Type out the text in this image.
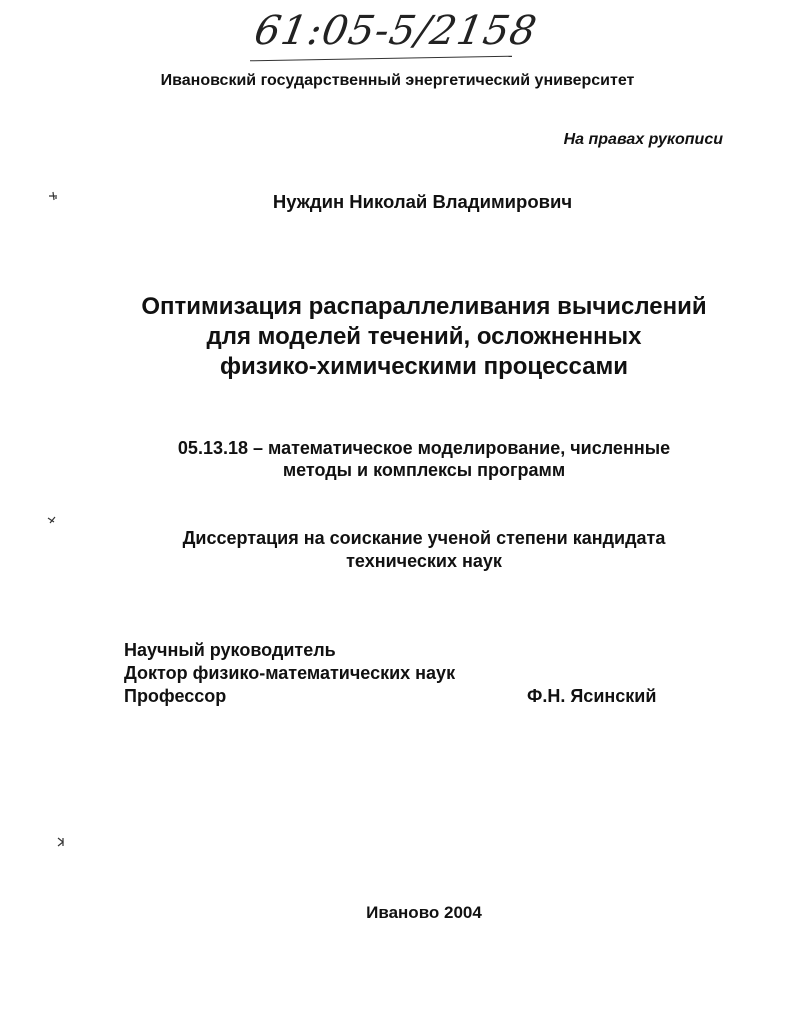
61:05-5/2158
Ивановский государственный энергетический университет
На правах рукописи
Нуждин Николай Владимирович
Оптимизация распараллеливания вычислений
для моделей течений, осложненных
физико-химическими процессами
05.13.18 – математическое моделирование, численные
методы и комплексы программ
Диссертация на соискание ученой степени кандидата
технических наук
Научный руководитель
Доктор физико-математических наук
Профессор	Ф.Н. Ясинский
Иваново 2004
